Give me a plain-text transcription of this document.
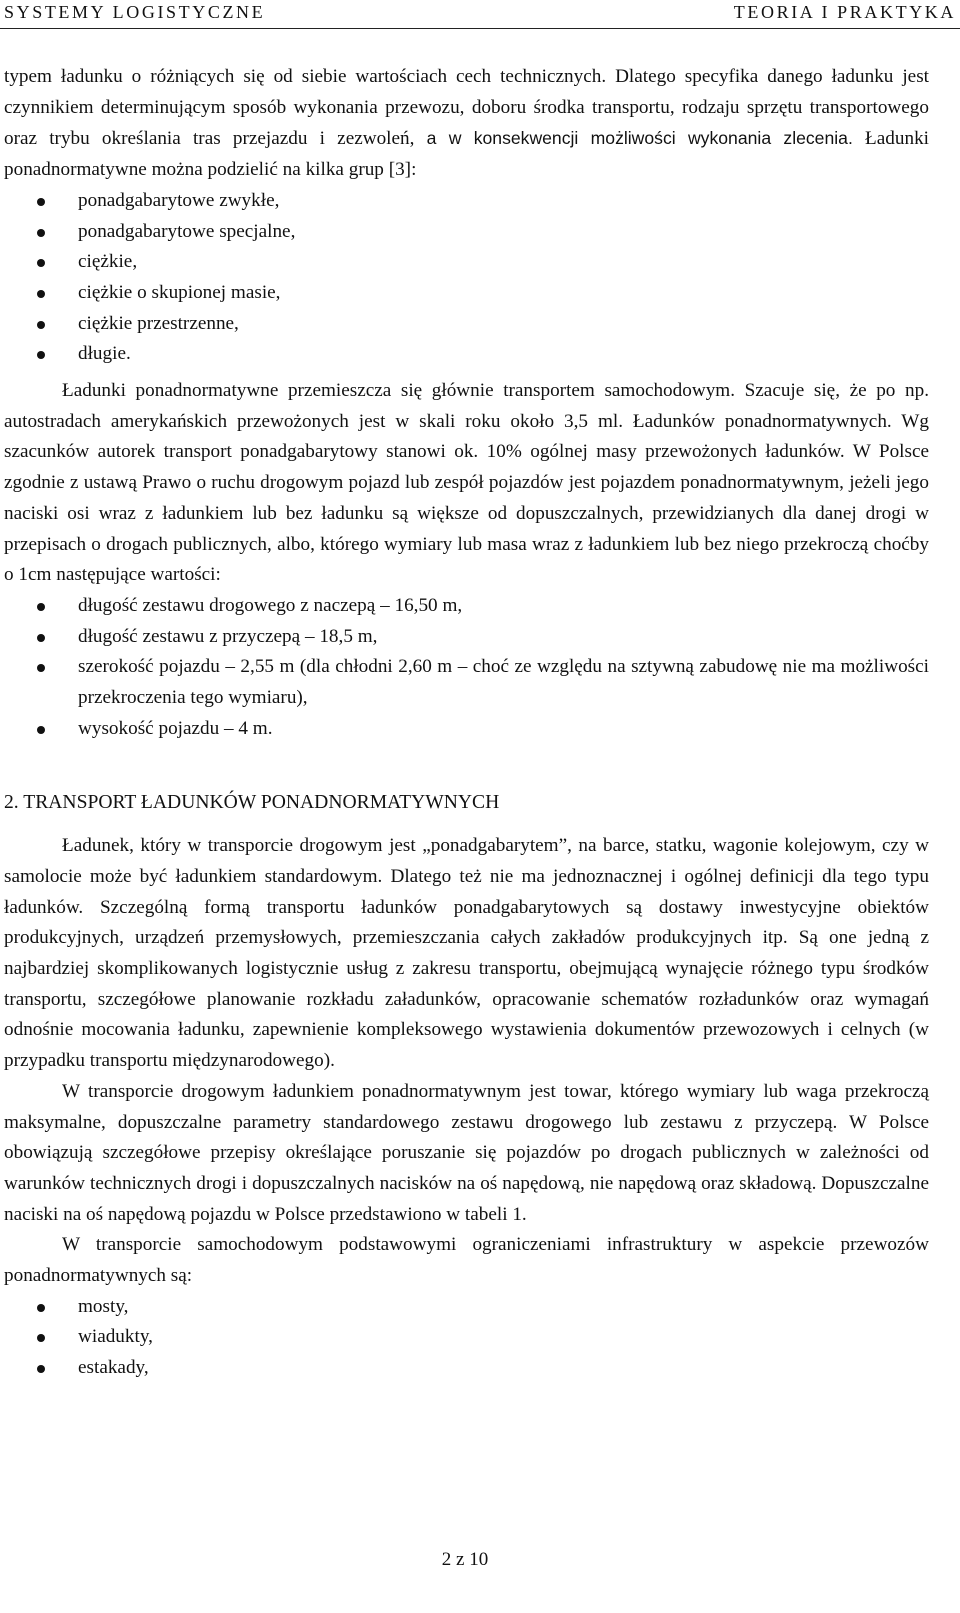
SYSTEMY LOGISTYCZNE	TEORIA I PRAKTYKA

typem ładunku o różniących się od siebie wartościach cech technicznych. Dlatego specyfika danego ładunku jest czynnikiem determinującym sposób wykonania przewozu, doboru środka transportu, rodzaju sprzętu transportowego oraz trybu określania tras przejazdu i zezwoleń, a w konsekwencji możliwości wykonania zlecenia. Ładunki ponadnormatywne można podzielić na kilka grup [3]:

ponadgabarytowe zwykłe,
ponadgabarytowe specjalne,
ciężkie,
ciężkie o skupionej masie,
ciężkie przestrzenne,
długie.

Ładunki ponadnormatywne przemieszcza się głównie transportem samochodowym. Szacuje się, że po np. autostradach amerykańskich przewożonych jest w skali roku około 3,5 ml. Ładunków ponadnormatywnych. Wg szacunków autorek transport ponadgabarytowy stanowi ok. 10% ogólnej masy przewożonych ładunków. W Polsce zgodnie z ustawą Prawo o ruchu drogowym pojazd lub zespół pojazdów jest pojazdem ponadnormatywnym, jeżeli jego naciski osi wraz z ładunkiem lub bez ładunku są większe od dopuszczalnych, przewidzianych dla danej drogi w przepisach o drogach publicznych, albo, którego wymiary lub masa wraz z ładunkiem lub bez niego przekroczą choćby o 1cm następujące wartości:

długość zestawu drogowego z naczepą – 16,50 m,
długość zestawu z przyczepą – 18,5 m,
szerokość pojazdu – 2,55 m (dla chłodni 2,60 m – choć ze względu na sztywną zabudowę nie ma możliwości przekroczenia tego wymiaru),
wysokość pojazdu – 4 m.

2. TRANSPORT ŁADUNKÓW PONADNORMATYWNYCH

Ładunek, który w transporcie drogowym jest „ponadgabarytem”, na barce, statku, wagonie kolejowym, czy w samolocie może być ładunkiem standardowym. Dlatego też nie ma jednoznacznej i ogólnej definicji dla tego typu ładunków. Szczególną formą transportu ładunków ponadgabarytowych są dostawy inwestycyjne obiektów produkcyjnych, urządzeń przemysłowych, przemieszczania całych zakładów produkcyjnych itp. Są one jedną z najbardziej skomplikowanych logistycznie usług z zakresu transportu, obejmującą wynajęcie różnego typu środków transportu, szczegółowe planowanie rozkładu załadunków, opracowanie schematów rozładunków oraz wymagań odnośnie mocowania ładunku, zapewnienie kompleksowego wystawienia dokumentów przewozowych i celnych (w przypadku transportu międzynarodowego).

W transporcie drogowym ładunkiem ponadnormatywnym jest towar, którego wymiary lub waga przekroczą maksymalne, dopuszczalne parametry standardowego zestawu drogowego lub zestawu z przyczepą. W Polsce obowiązują szczegółowe przepisy określające poruszanie się pojazdów po drogach publicznych w zależności od warunków technicznych drogi i dopuszczalnych nacisków na oś napędową, nie napędową oraz składową. Dopuszczalne naciski na oś napędową pojazdu w Polsce przedstawiono w tabeli 1.

W transporcie samochodowym podstawowymi ograniczeniami infrastruktury w aspekcie przewozów ponadnormatywnych są:

mosty,
wiadukty,
estakady,
2 z 10
